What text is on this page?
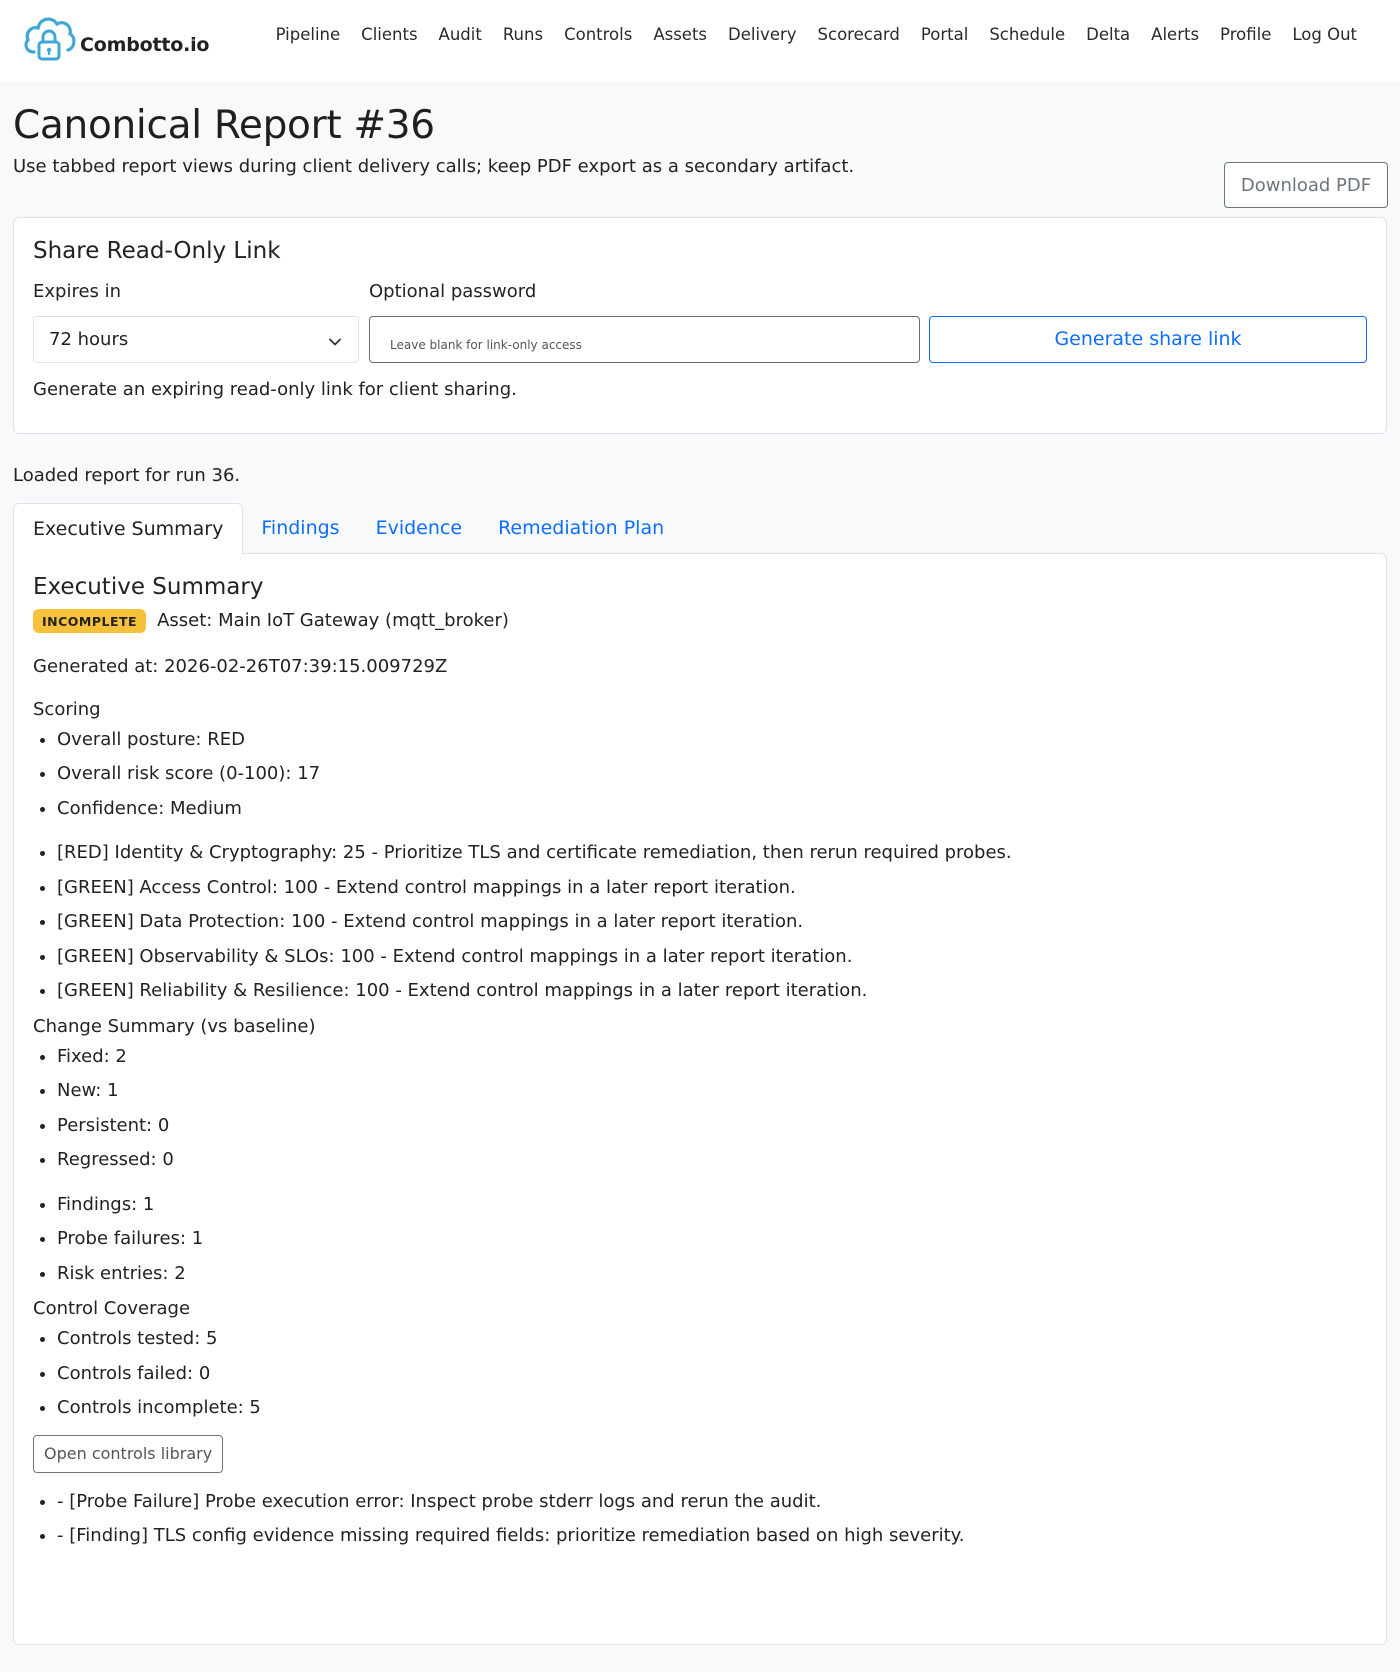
Combotto.io	Pipeline Clients Audit Runs Controls Assets Delivery Scorecard Portal Schedule Delta Alerts Profile Log Out
Canonical Report #36
Use tabbed report views during client delivery calls; keep PDF export as a secondary artifact.
Download PDF
Share Read-Only Link
Expires in	Optional password
72 hours
Leave blank for link-only access	Generate share link
Generate an expiring read-only link for client sharing.
Loaded report for run 36.
Executive Summary	Findings	Evidence	Remediation Plan
Executive Summary
INCOMPLETE	Asset: Main IoT Gateway (mqtt_broker)
Generated at: 2026-02-26T07:39:15.009729Z
Scoring
• Overall posture: RED
• Overall risk score (0-100): 17
• Confidence: Medium
• [RED] Identity & Cryptography: 25 - Prioritize TLS and certificate remediation, then rerun required probes.
• [GREEN] Access Control: 100 - Extend control mappings in a later report iteration.
• [GREEN] Data Protection: 100 - Extend control mappings in a later report iteration.
• [GREEN] Observability & SLOs: 100 - Extend control mappings in a later report iteration.
• [GREEN] Reliability & Resilience: 100 - Extend control mappings in a later report iteration.
Change Summary (vs baseline)
• Fixed: 2
• New: 1
• Persistent: 0
• Regressed: 0
• Findings: 1
• Probe failures: 1
• Risk entries: 2
Control Coverage
• Controls tested: 5
• Controls failed: 0
• Controls incomplete: 5
Open controls library
• - [Probe Failure] Probe execution error: Inspect probe stderr logs and rerun the audit.
• - [Finding] TLS config evidence missing required fields: prioritize remediation based on high severity.
